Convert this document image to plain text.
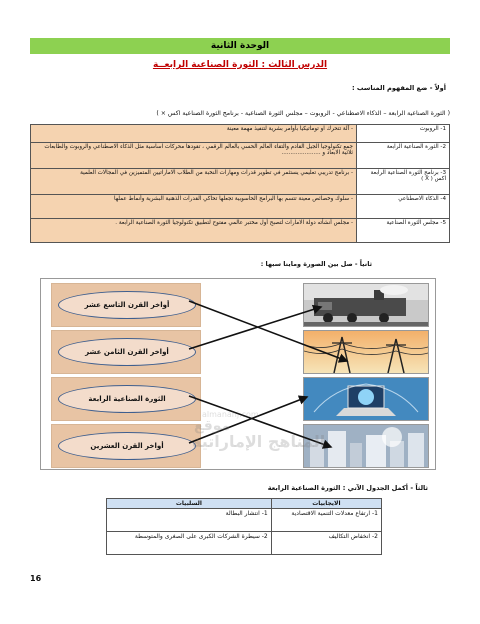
الوحدة الثانية
الدرس الثالث : الثورة الصناعية الرابعــة
أولاً - ضع المفهوم المناسب :
( الثورة الصناعية الرابعة – الذكاء الاصطناعي - الروبوت – مجلس الثورة الصناعية - برنامج الثورة الصناعية اكس × )
1- الروبوت	- آلة تتحرك او توماتيكيا بأوامر بشرية لتنفيذ مهمة معينة
2- الثورة الصناعية الرابعة	جمع تكنولوجيا الجيل القادم والتقاء العالم الحسي بالعالم الرقمي ، تقودها محركات اساسية مثل الذكاء الاصطناعي والروبوت والطابعات ثلاثية الابعاد و ......................
3- برنامج الثورة الصناعية الرابعة اكس ( X )	- برنامج تدريبي تعليمي يستثمر في تطوير قدرات ومهارات النخبة من الطلاب الاماراتيين المتميزين في المجالات العلمية
4- الذكاء الاصطناعي	- سلوك وخصائص معينة تتسم بها البرامج الحاسوبية تجعلها تحاكي القدرات الذهنية البشرية وأنماط عملها
5- مجلس الثورة الصناعية	- مجلس أنشأته دولة الامارات لتصبح أول مختبر عالمي مفتوح لتطبيق تكنولوجيا الثورة الصناعية الرابعة .
ثانياً - صل بين الصورة وماينا سبها :
أواخر القرن التاسع عشر
أواخر القرن الثامن عشر
الثورة الصناعية الرابعة
أواخر القرن العشرين
almanahj.com
موقع
المناهج الإماراتية
ثالثاً - أكمل الجدول الآتي : الثورة الصناعية الرابعة
الايجابيات	السلبيات
1- ارتفاع معدلات التنمية الاقتصادية	1- انتشار البطالة
2- انخفاض التكاليف	2- سيطرة الشركات الكبرى على الصغرى والمتوسطة
16
